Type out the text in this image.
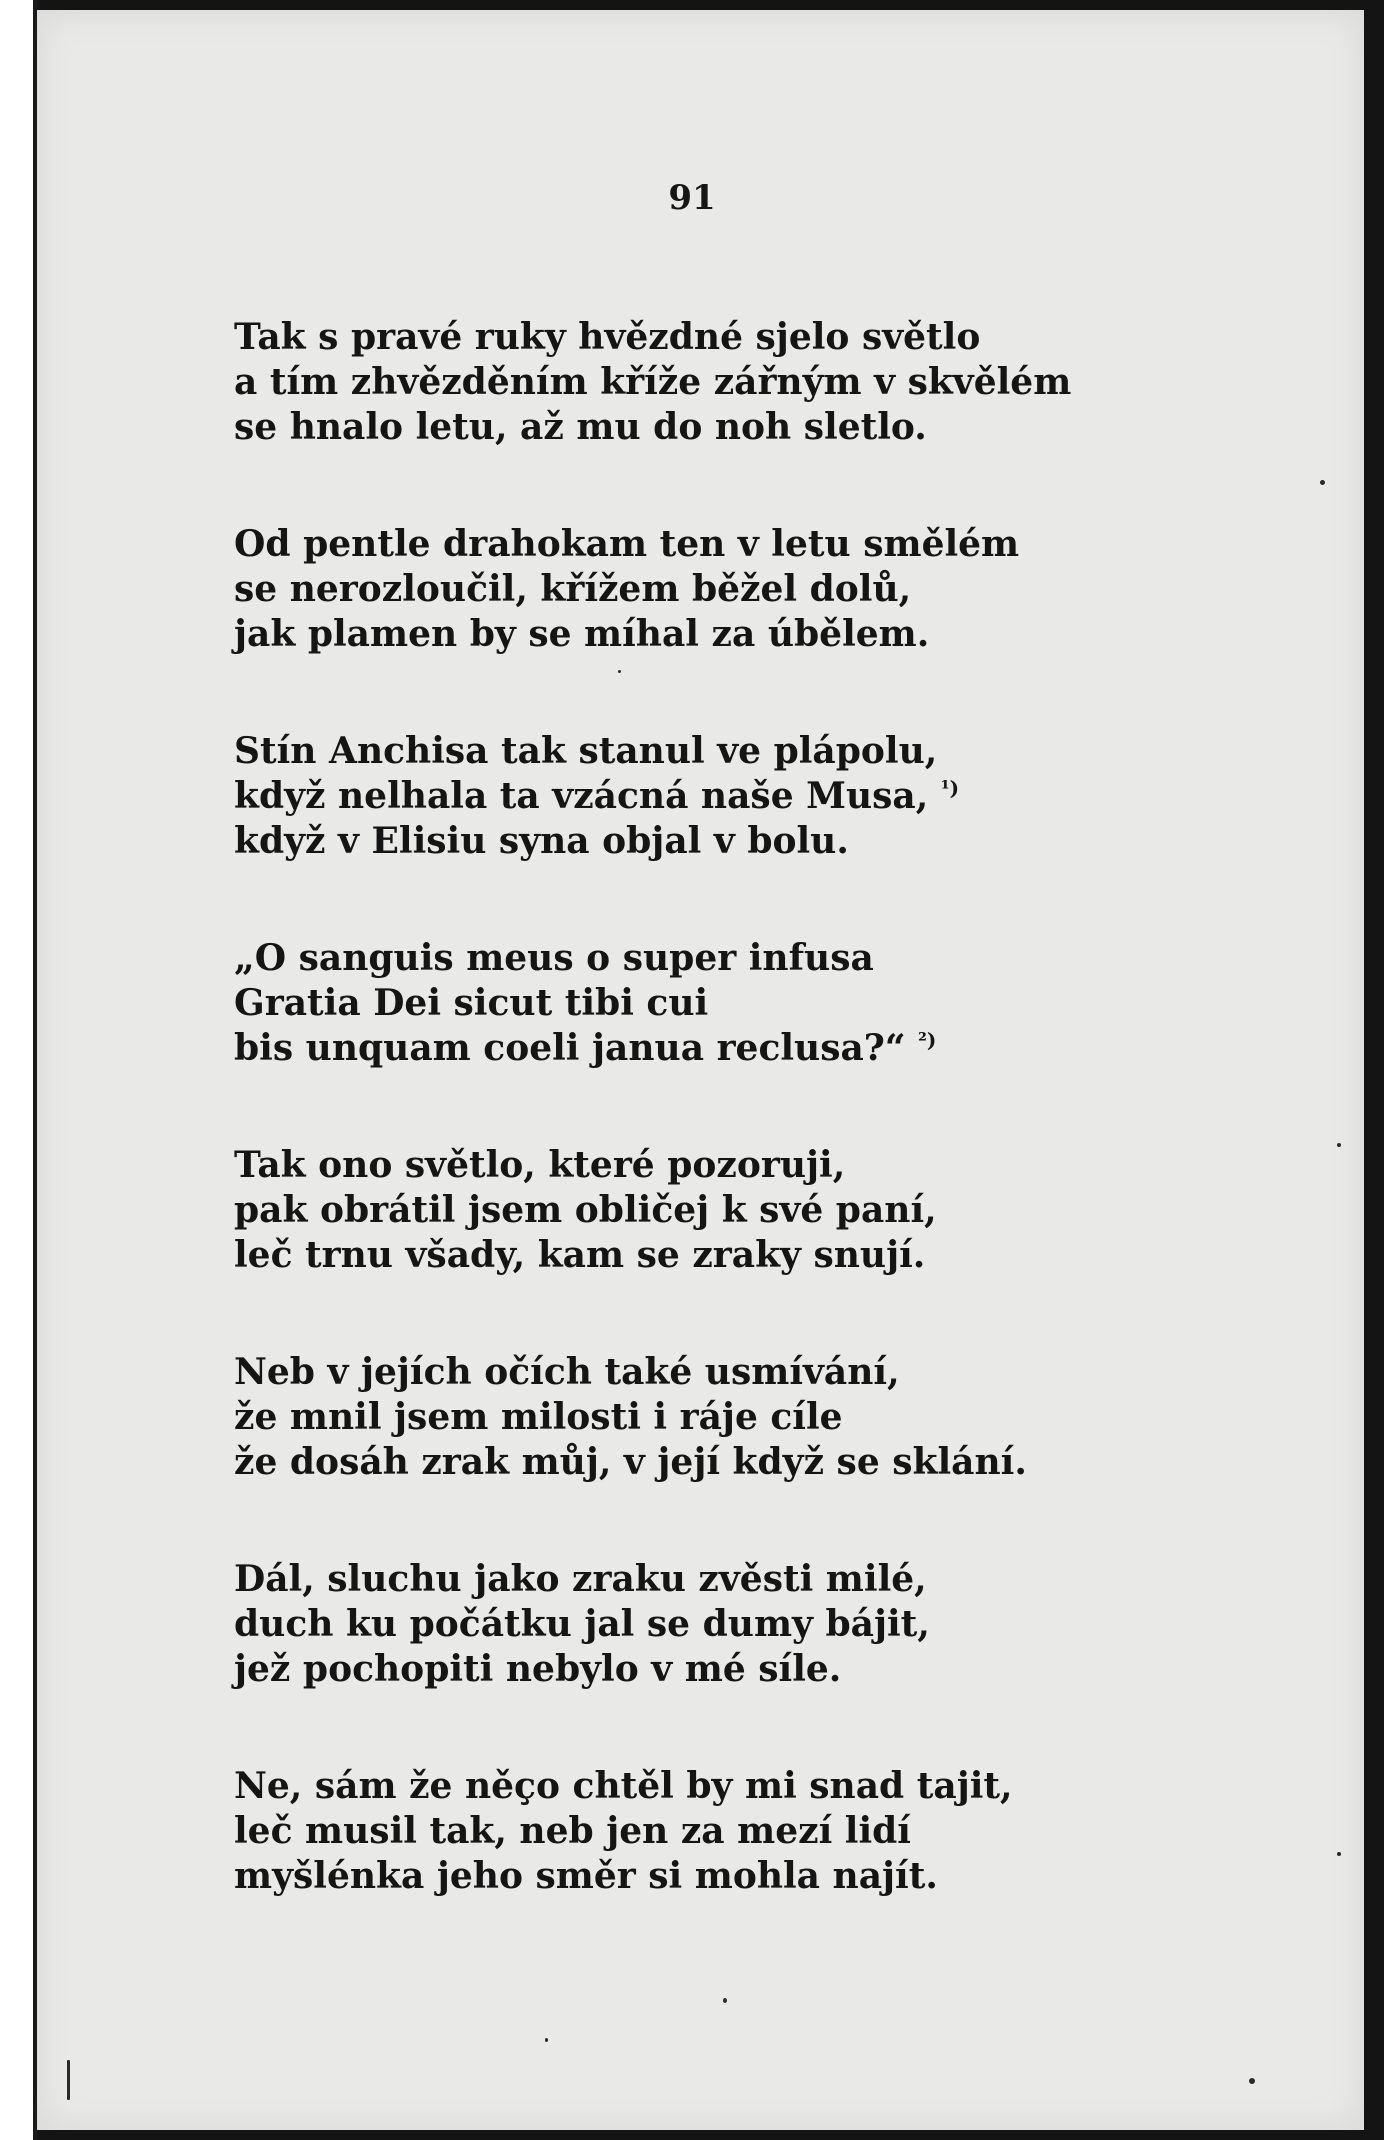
91
Tak s pravé ruky hvězdné sjelo světlo
a tím zhvězděním kříže zářným v skvělém
se hnalo letu, až mu do noh sletlo.
Od pentle drahokam ten v letu smělém
se nerozloučil, křížem běžel dolů,
jak plamen by se míhal za úbělem.
Stín Anchisa tak stanul ve plápolu,
když nelhala ta vzácná naše Musa, $^{^1)}$
když v Elisiu syna objal v bolu.
„O sanguis meus o super infusa
Gratia Dei sicut tibi cui
bis unquam coeli janua reclusa?“ $^{^2)}$
Tak ono světlo, které pozoruji,
pak obrátil jsem obličej k své paní,
leč trnu všady, kam se zraky snují.
Neb v jejích očích také usmívání,
že mnil jsem milosti i ráje cíle
že dosáh zrak můj, v její když se sklání.
Dál, sluchu jako zraku zvěsti milé,
duch ku počátku jal se dumy bájit,
jež pochopiti nebylo v mé síle.
Ne, sám že něço chtěl by mi snad tajit,
leč musil tak, neb jen za mezí lidí
myšlénka jeho směr si mohla najít.
